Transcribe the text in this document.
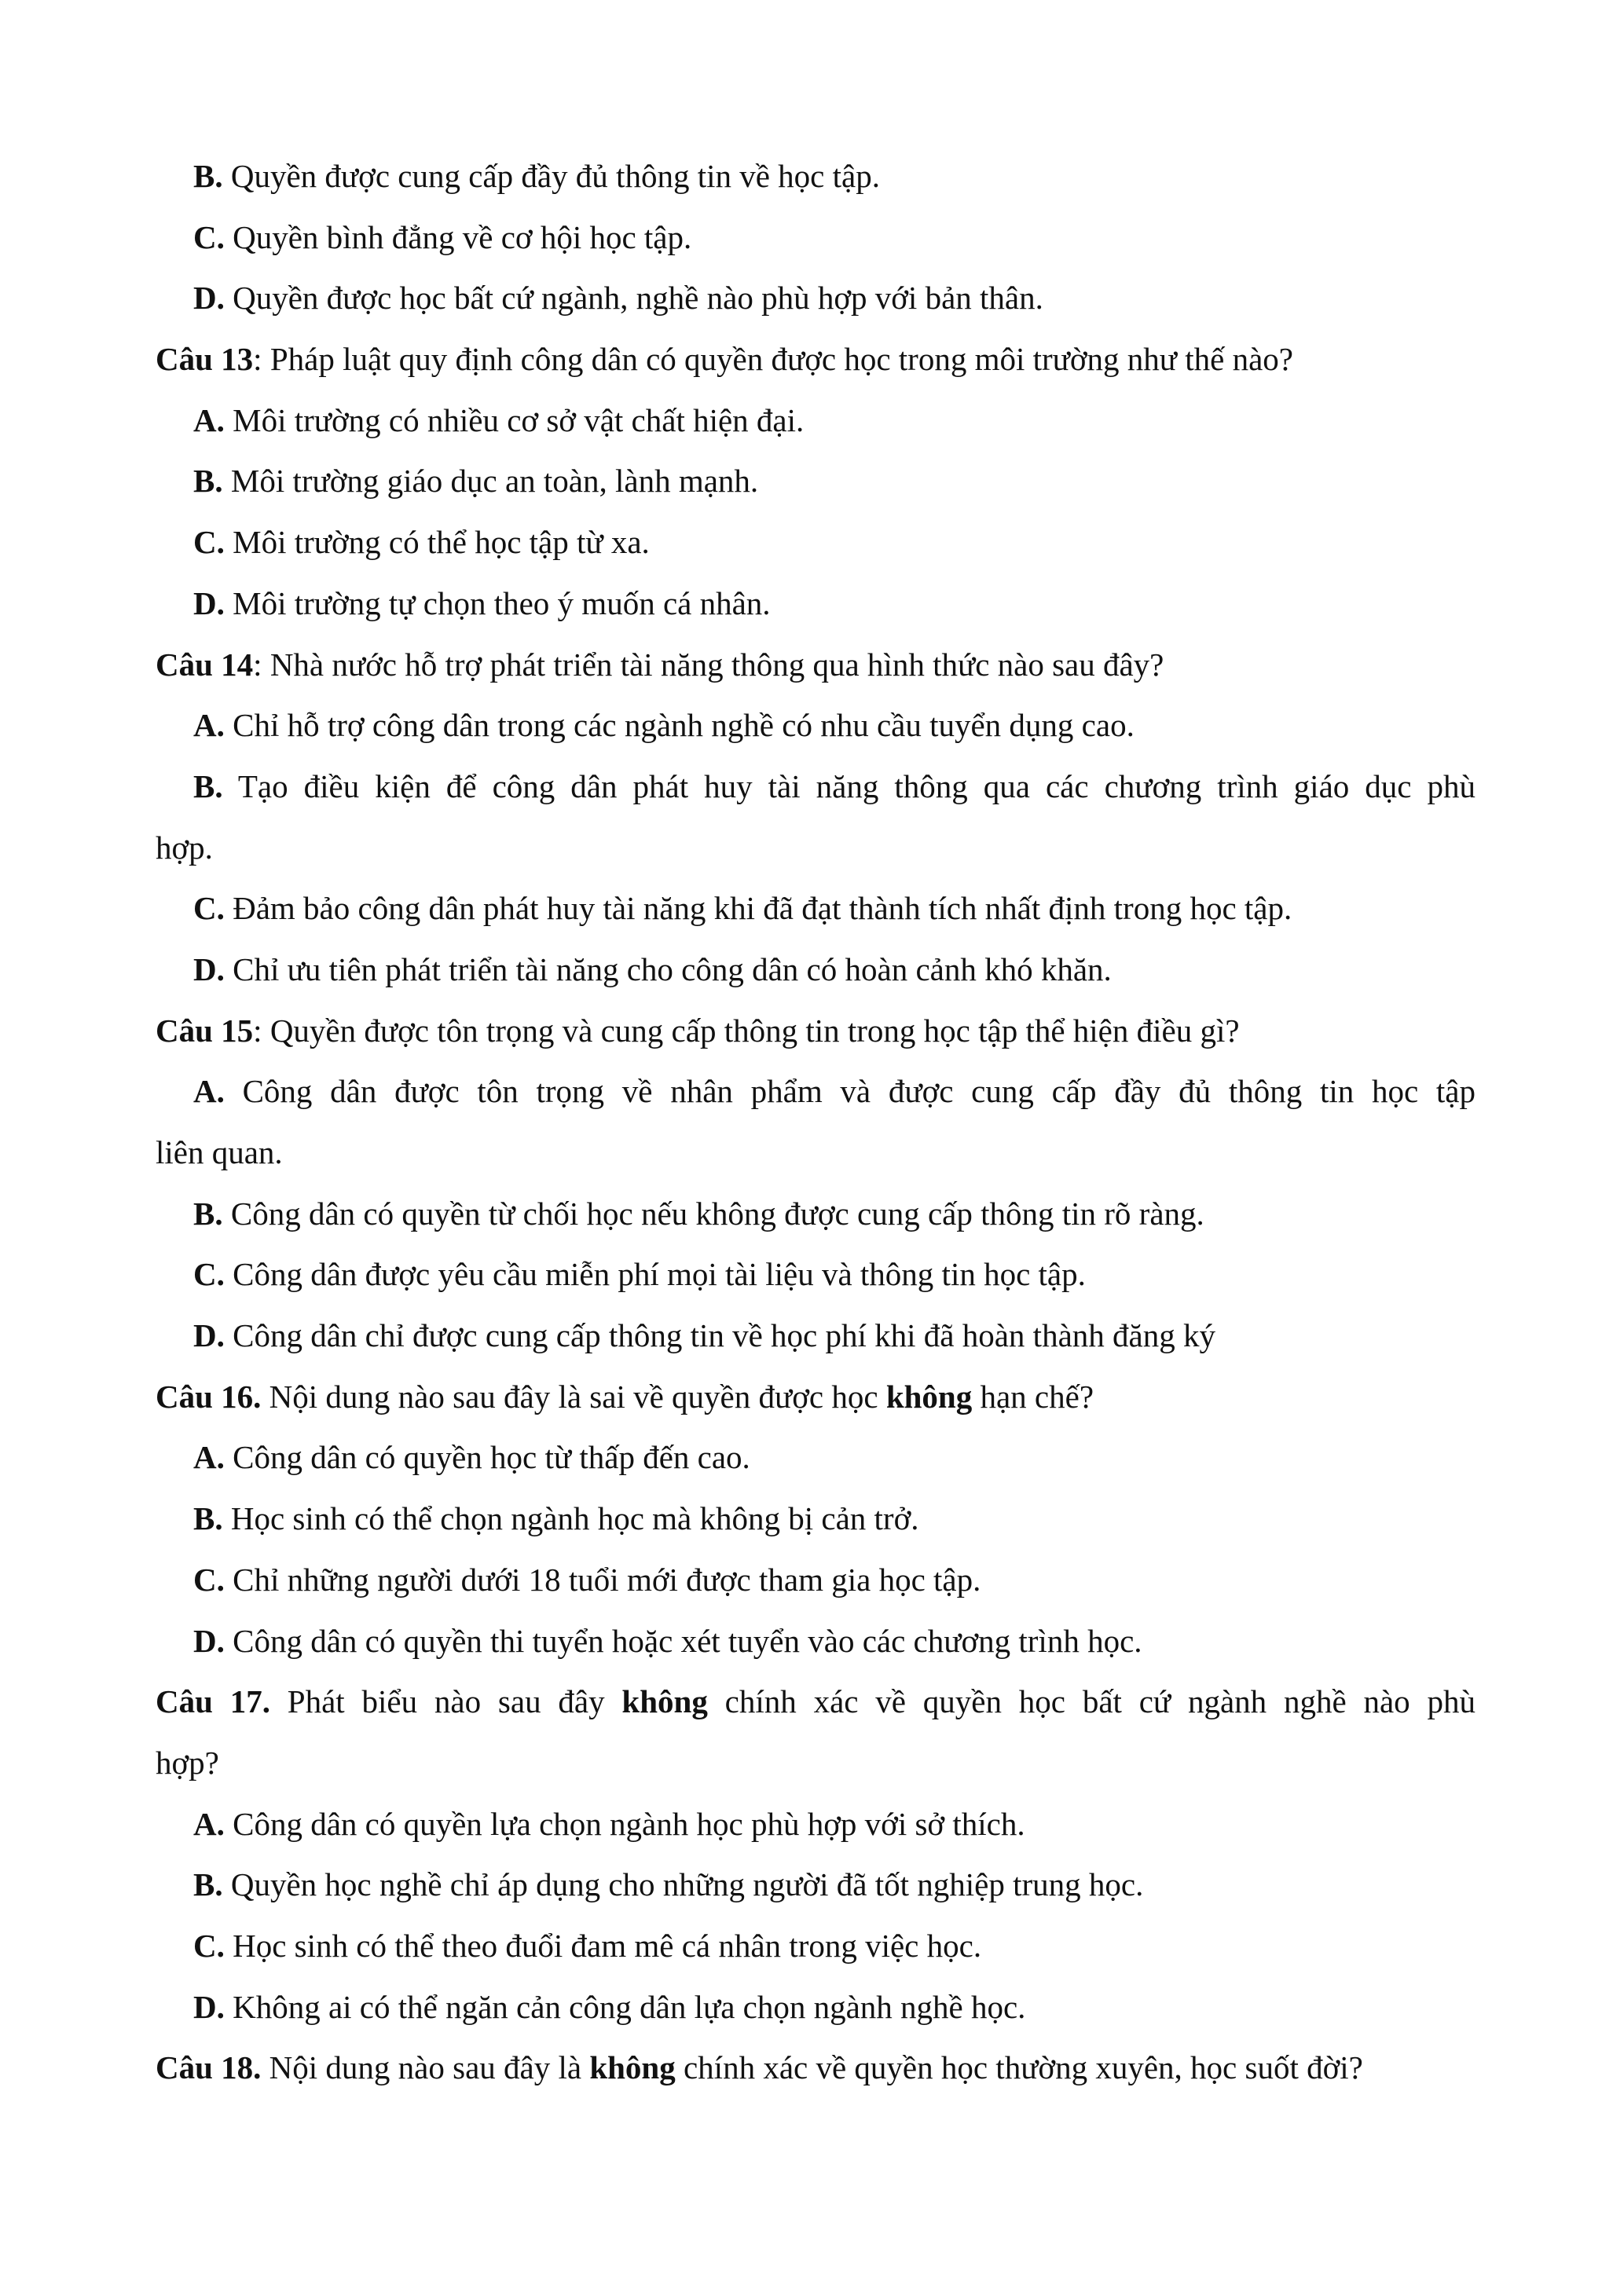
B. Quyền được cung cấp đầy đủ thông tin về học tập.
C. Quyền bình đẳng về cơ hội học tập.
D. Quyền được học bất cứ ngành, nghề nào phù hợp với bản thân.
Câu 13: Pháp luật quy định công dân có quyền được học trong môi trường như thế nào?
A. Môi trường có nhiều cơ sở vật chất hiện đại.
B. Môi trường giáo dục an toàn, lành mạnh.
C. Môi trường có thể học tập từ xa.
D. Môi trường tự chọn theo ý muốn cá nhân.
Câu 14: Nhà nước hỗ trợ phát triển tài năng thông qua hình thức nào sau đây?
A. Chỉ hỗ trợ công dân trong các ngành nghề có nhu cầu tuyển dụng cao.
B. Tạo điều kiện để công dân phát huy tài năng thông qua các chương trình giáo dục phù
hợp.
C. Đảm bảo công dân phát huy tài năng khi đã đạt thành tích nhất định trong học tập.
D. Chỉ ưu tiên phát triển tài năng cho công dân có hoàn cảnh khó khăn.
Câu 15: Quyền được tôn trọng và cung cấp thông tin trong học tập thể hiện điều gì?
A. Công dân được tôn trọng về nhân phẩm và được cung cấp đầy đủ thông tin học tập
liên quan.
B. Công dân có quyền từ chối học nếu không được cung cấp thông tin rõ ràng.
C. Công dân được yêu cầu miễn phí mọi tài liệu và thông tin học tập.
D. Công dân chỉ được cung cấp thông tin về học phí khi đã hoàn thành đăng ký
Câu 16. Nội dung nào sau đây là sai về quyền được học không hạn chế?
A. Công dân có quyền học từ thấp đến cao.
B. Học sinh có thể chọn ngành học mà không bị cản trở.
C. Chỉ những người dưới 18 tuổi mới được tham gia học tập.
D. Công dân có quyền thi tuyển hoặc xét tuyển vào các chương trình học.
Câu 17. Phát biểu nào sau đây không chính xác về quyền học bất cứ ngành nghề nào phù
hợp?
A. Công dân có quyền lựa chọn ngành học phù hợp với sở thích.
B. Quyền học nghề chỉ áp dụng cho những người đã tốt nghiệp trung học.
C. Học sinh có thể theo đuổi đam mê cá nhân trong việc học.
D. Không ai có thể ngăn cản công dân lựa chọn ngành nghề học.
Câu 18. Nội dung nào sau đây là không chính xác về quyền học thường xuyên, học suốt đời?
